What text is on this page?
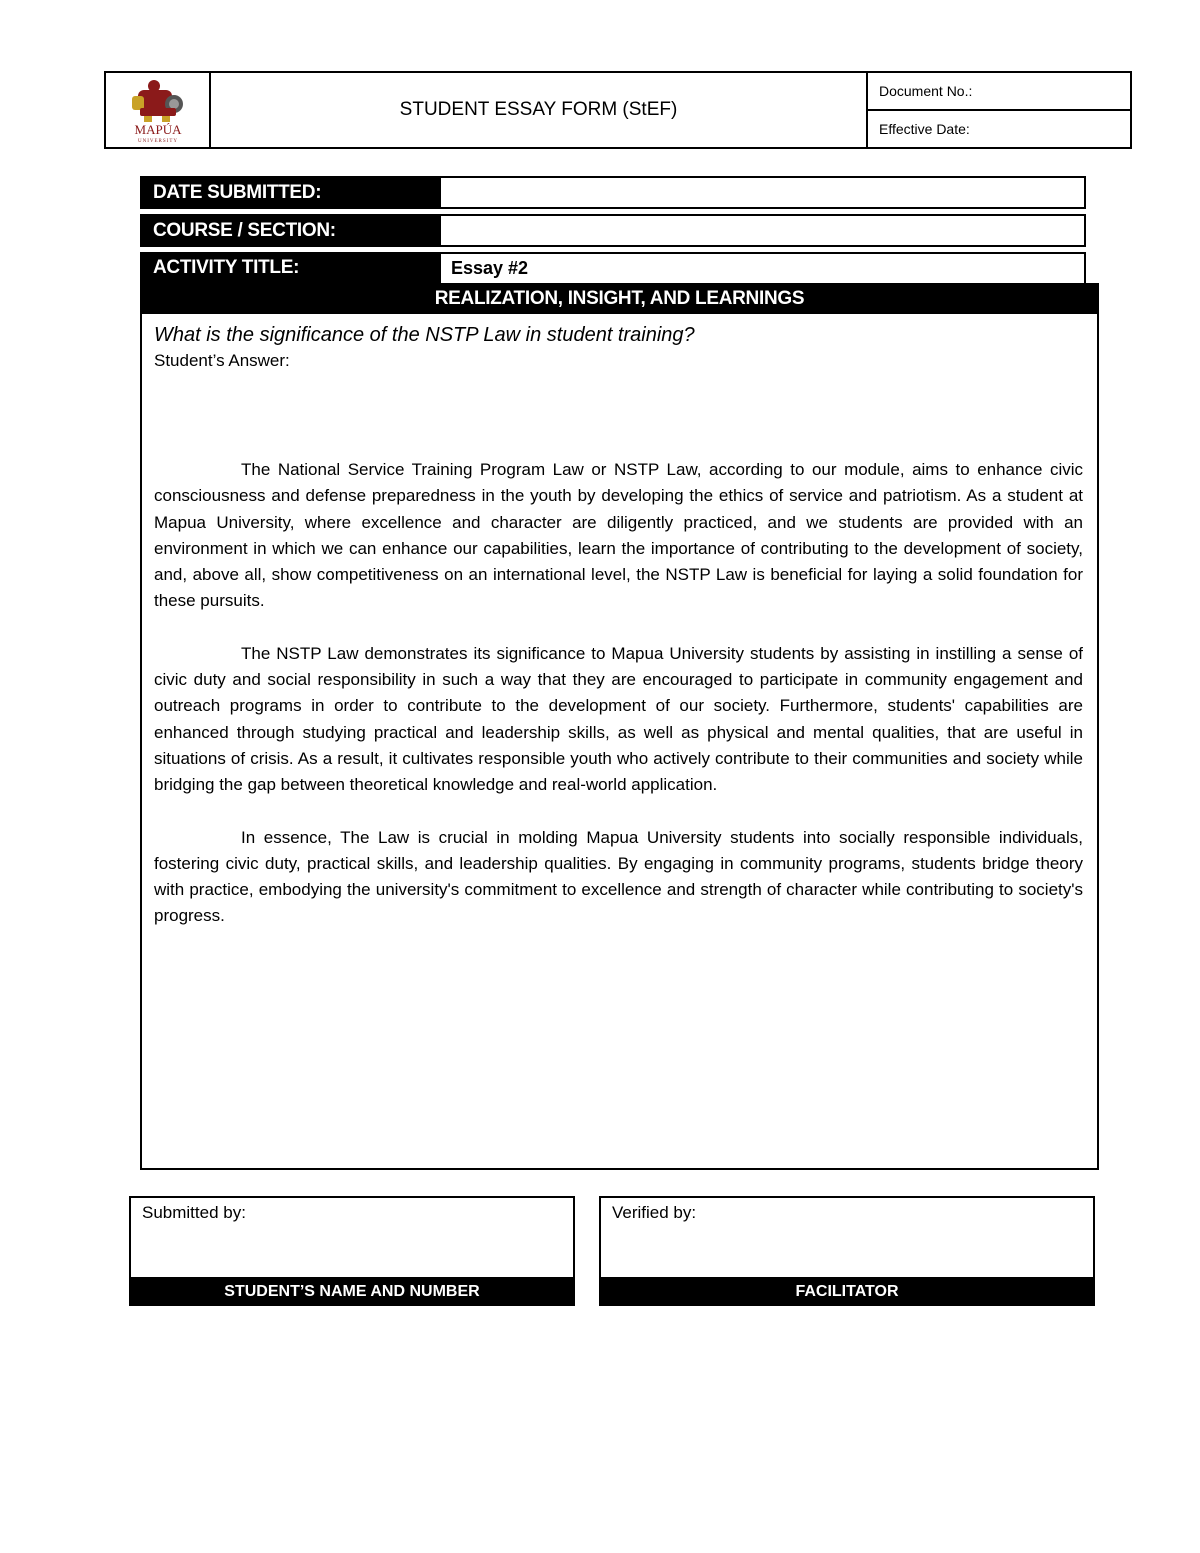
MAPÚA
UNIVERSITY
STUDENT ESSAY FORM (StEF)
Document No.:
Effective Date:
DATE SUBMITTED:
COURSE / SECTION:
ACTIVITY TITLE:	Essay #2
REALIZATION, INSIGHT, AND LEARNINGS

What is the significance of the NSTP Law in student training?

Student’s Answer:

The National Service Training Program Law or NSTP Law, according to our module, aims to enhance civic consciousness and defense preparedness in the youth by developing the ethics of service and patriotism. As a student at Mapua University, where excellence and character are diligently practiced, and we students are provided with an environment in which we can enhance our capabilities, learn the importance of contributing to the development of society, and, above all, show competitiveness on an international level, the NSTP Law is beneficial for laying a solid foundation for these pursuits.

The NSTP Law demonstrates its significance to Mapua University students by assisting in instilling a sense of civic duty and social responsibility in such a way that they are encouraged to participate in community engagement and outreach programs in order to contribute to the development of our society. Furthermore, students' capabilities are enhanced through studying practical and leadership skills, as well as physical and mental qualities, that are useful in situations of crisis. As a result, it cultivates responsible youth who actively contribute to their communities and society while bridging the gap between theoretical knowledge and real-world application.

In essence, The Law is crucial in molding Mapua University students into socially responsible individuals, fostering civic duty, practical skills, and leadership qualities. By engaging in community programs, students bridge theory with practice, embodying the university's commitment to excellence and strength of character while contributing to society's progress.

Submitted by:
STUDENT’S NAME AND NUMBER
Verified by:
FACILITATOR
